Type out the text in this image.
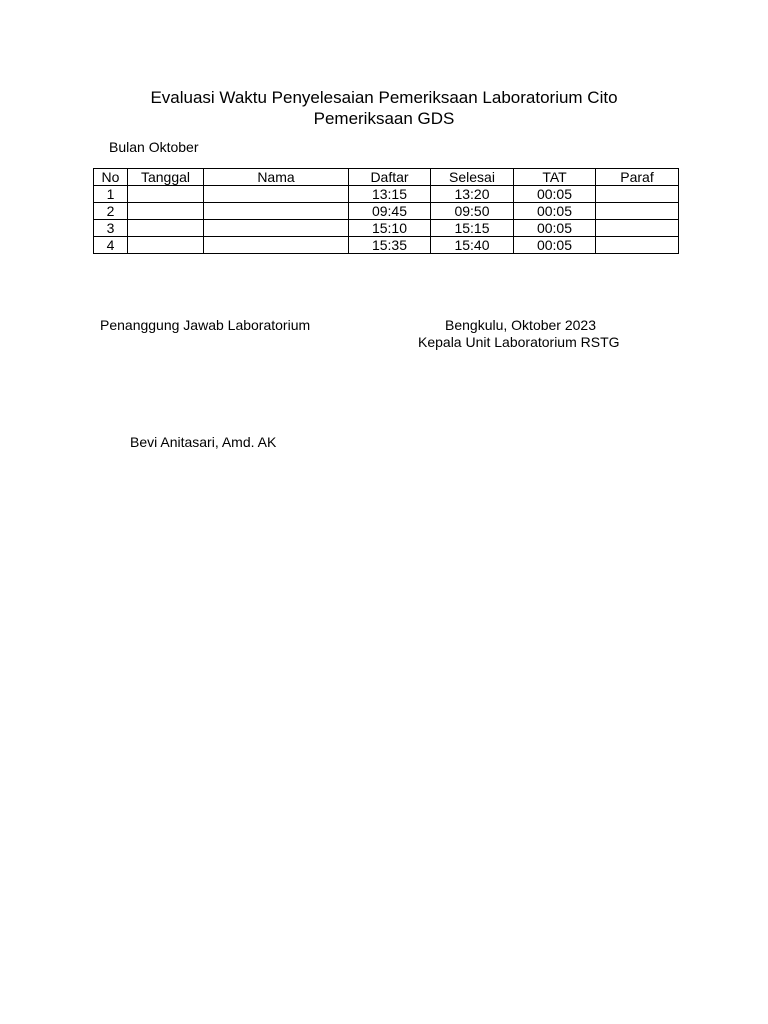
Evaluasi Waktu Penyelesaian Pemeriksaan Laboratorium Cito
Pemeriksaan GDS
Bulan Oktober
No	Tanggal	Nama	Daftar	Selesai	TAT	Paraf
1			13:15	13:20	00:05	
2			09:45	09:50	00:05	
3			15:10	15:15	00:05	
4			15:35	15:40	00:05	
Penanggung Jawab Laboratorium	Bengkulu, Oktober 2023
Kepala Unit Laboratorium RSTG
Bevi Anitasari, Amd. AK
